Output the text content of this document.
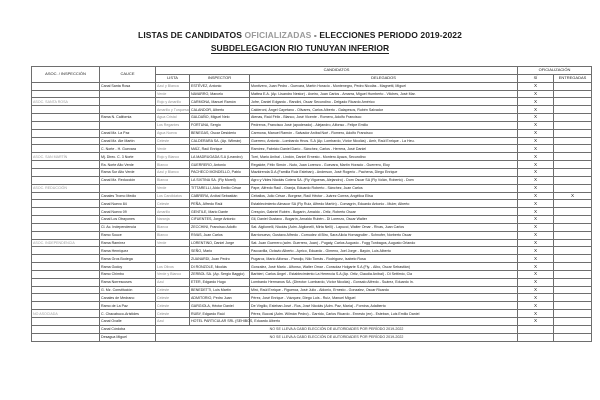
LISTAS DE CANDIDATOS OFICIALIZADAS - ELECCIONES PERIODO 2019-2022
SUBDELEGACION RIO TUNUYAN INFERIOR
ASOC. / INSPECCIÓN	CAUCE	CANDIDATOS			OFICIALIZACIÓN	
		LISTA	INSPECTOR	DELEGADOS	SÍ	ENTREGADAS
	Canal Santa Rosa	Azul y Blanca	ESTÉVEZ, Antonio	Montivero, Juan Pedro - Guevara, Martín Horacio - Montenegro, Pedro Nicolás - Magnetti, Miguel	X	
		Verde	NAVARRO, Marcelo	Mattea E.A. (Ap. Lisandro Nestor) - Aveiro, Juan Carlos - Amarra, Miguel Humberto - Vilches, José Mar.	X	
ASOC. SANTA ROSA		Rojo y Amarillo	CARMONA, Manuel Ramón	Jofre, Daniel Edgardo - Randini, Oscar Secundino - Delgado Ricardo Américo	X	
		Amarillo y Turquesa	CALANDOR, Alberto	Calderoni, Ángel Cayetano - Olivares, Carlos Alberto - Galapesos, Rubén Salvador	X	
	Rama N. California	Agua Cristal	GALDAÑO, Miguel Nelo	Atenas, Raúl Félix - Blanco, José Vicente - Romero, Adolfo Francisco	X	
		Los Regantes	FORTUNA, Sergio	Pedreros, Francisco José (apoderado) - Alejandro, Alfonso - Felipe Emilio	X	
	Canal Mz. La Paz	Agua Nueva	BENEGAS, Oscar Desiderio	Carmona, Manuel Ramón - Salvador Aníbal Noé - Romero, Adolfo Francisco	X	
	Canal Mz. Ate Martín	Celeste	CALDERARA SA. (Ap. Wilmán)	Guerrero, Antonio - Lombardo Hnos. S.A (Ap. Lombardo, Víctor Nicolás) - Amir, Raúl Enrique - La Heu.	X	
	C. Norte - H. Guevara	Verde	MAÍZ, Raúl Enrique	Ramírez, Fabricio Daniel Darío - Sánchez, Carlos - Herrera, José Daniel	X	
ASOC. SAN MARTÍN	Mj. Direc. C. 3 Norte	Rojo y Blanco	LA MADRUGADA S.A (Leandro)	Torri, Mario Aníbal - Lindón, Daniel Ernesto - Montero Ayaza, Secundino	X	
	Ra. Norte Alto Verde	Blanco	GUERRERO, Antonio	Regalote, Félix Simón - Nuto, Juan Lorenzo - Guevara, Martín Horacio - Guerrero, Eloy	X	
	Rama Sur Alto Verde	Azul y Blanco	PACHECO MONDELLO, Pablo	Mazkirenda D.A (Familia Ruiz Esteban) - Anderson, José Rogerio - Pachena, Diego Enrique	X	
	Canal Mz. Reducción	Blanca	LA SIXTINA SA. (Fly Morell)	Agro y Vides Nicolás Cotera SA. (Fly Vigueras, Alejandro) - Dom Oscar SA (Fly Volán, Roberto) - Dom	X	
ASOC. REDUCCIÓN		Verde	TITTARELLI, Aldo Emilio César	Pape, Alfredo Raúl - Granja, Eduardo Roberto - Sánchez, Juan Carlos	X	
	Canales Tromo Medio	Los Candidatos	CABRERA, Aníbal Sebastián	Ceballos, Julio César - Borgese, Raúl Héctor - Juárez Correa, Angélica Elisa	X	X
	Canal Nuevo 84	Celeste	PEÑA, Alfredo Raúl	Establecimiento Almacor SA (Fly Ruiz, Alfredo Martín) - Comagrín, Eduardo Antonio - Muler, Alberto	X	
	Canal Nuevo 09	Amarillo	GENTILE, Mario Dante	Crespón, Gabriel Rubén - Bogarín, Arnaldo - Ortiz, Roberto Oscar	X	
	Canal Los Otrayones	Naranja	CIFUENTES, Jorge Antonio	Gil, Daniel Gustavo - Bogarín, Arnaldo Rubén - Di Lorenzo, Oscar Walter	X	
	Cl. Ac. Independencia	Blanca	ZECCHINI, Francisco Adolfo	Sat. Aiglionelli, Nicolás (Adm. Aiglionelli, Mirta Nelli) - Lapucci, Walter Omar - Rivas, Juan Carlos	X	
	Ramo Souce	Blanco	RIVAS, Juan Carlos	Barrionuevo, Gustavo Alfredo - Cornudez di Biro, Sara Alicia Hornagruller - Schnofer, Norberto Oscar	X	
ASOC. INDEPENDENCIA	Rama Ramírez	Verde	LORENTINO, Daniel Jorge	Sat. Juan Guerrero (adm. Guerrero, Juan) - Pugaty, Carlos Augusto - Fogg Tonbagos, Augusto Orlando	X	
	Rama Henríquez		SEÑO, Mario	Paccavilla, Octavio Alberto - Aprico, Eduardo - Gimeno, Joel Jorge - Bayón, Luis Alberto	X	
	Rama Gros Bodega		ZUANARDI, Juan Pedro	Pugaroz, Mario Alfonso - Panoljo, Nilo Tomás - Rodríguez, Isabelo Rosa	X	
	Rama Godoy	Los Olivos	DI RONZOLE, Nicolás	Gonzalez, José Mario - Alfonso, Walter Omar - Consolaz Holgarte S.A (Fly. - Albo, Oscar Sebastián)	X	
	Ramo Chimbo	Verde y Blanco	ZERBOL SA. (Ap. Sergio Baggio)	Barbieri, Carlos Ángel - Establecimiento La Herencia S.A (Ap. Ortiz, Claudia Aníbal) - Di Settimio, Cla	X	
	Rama Norrescuses	Azul	ETER, Edgardo Hugo	Lombardo Hermanos SA. (Director: Lombardo, Víctor Nicolás) - Gonsalo Alfredo - Suárez, Eduardo In.	X	
	G. Mz. Constitución	Celeste	BENEDETTI, Luis Martín	Miró, Raúl Enrique - Figueroa, José Julio - Aldonio, Ernesto - Gonzalez, Oscar Ricardo	X	
	Canales de Medrano	Celeste	ADMITORIO, Pedro Juan	Pérez, José Enrique - Vázquez, Diego Luis - Ruíz, Manuel Miguel	X	
	Ramo de La Paz	Celeste	GARGIOLA, Héctor Daniel	De Virgilio, Esteban José - Rus, José Nicolás (Adm. Paz, María) - Fornina, Adalberto	X	
NO ASOCIADA	C. Chacabuco-Arístides	Celeste	RUBY, Edgardo Raúl	Pérez, Bucosi (Adm. Wilmán Pedro) - Garrido, Carlos Ricardo - Ernesto (en) - Esteban, Luis Emilio Daniel	X	
	Canal Ovalle	Azul	HOTEL PARTICULAR SRL (SEHIBOS, Eduardo Alberto		X	
	Canal Córdoba	NO SE LLEVA A CABO ELECCIÓN DE AUTORIDADES POR PERÍODO 2019-2022				
	Desagua Miguel	NO SE LLEVA A CABO ELECCIÓN DE AUTORIDADES POR PERÍODO 2019-2022				
